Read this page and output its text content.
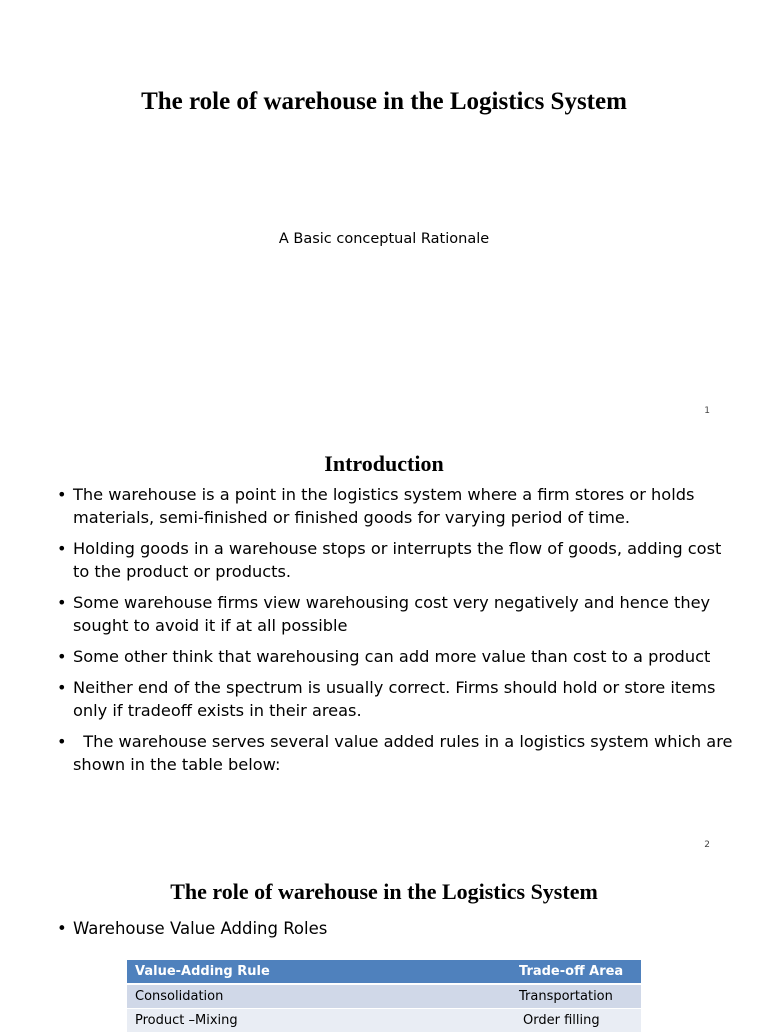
The role of warehouse in the Logistics System
A Basic conceptual Rationale
1
Introduction
• The warehouse is a point in the logistics system where a firm stores or holds materials, semi-finished or finished goods for varying period of time.
• Holding goods in a warehouse stops or interrupts the flow of goods, adding cost to the product or products.
• Some warehouse firms view warehousing cost very negatively and hence they sought to avoid it if at all possible
• Some other think that warehousing can add more value than cost to a product
• Neither end of the spectrum is usually correct. Firms should hold or store items only if tradeoff exists in their areas.
• The warehouse serves several value added rules in a logistics system which are shown in the table below:
2
The role of warehouse in the Logistics System
• Warehouse Value Adding Roles
Value-Adding Rule	Trade-off Area
Consolidation	Transportation
Product –Mixing	Order filling
